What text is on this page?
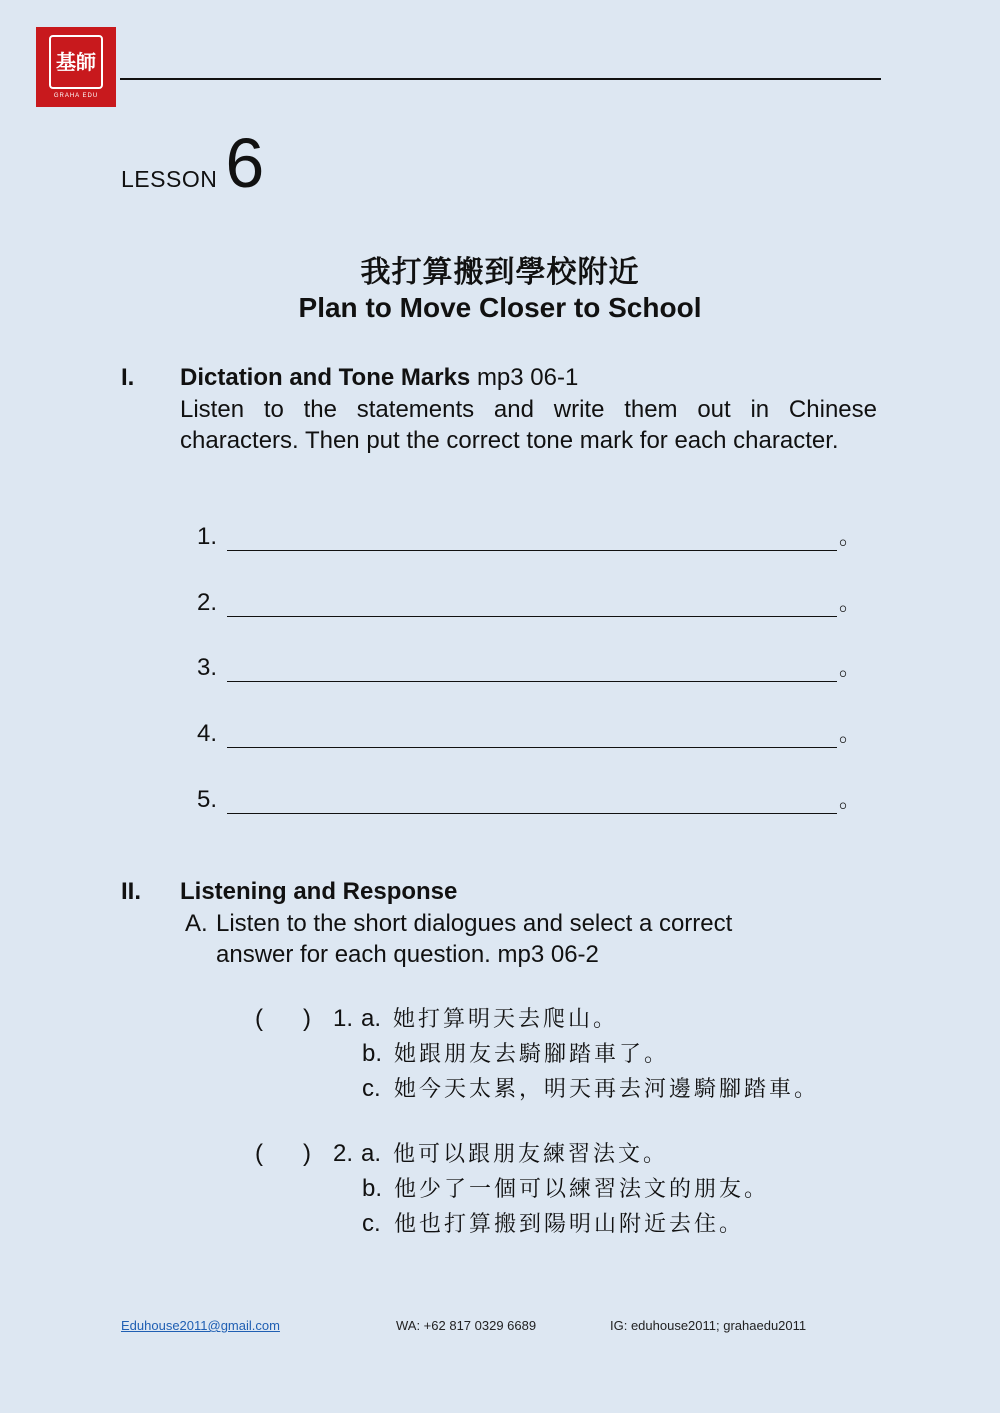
基師
GRAHA EDU
LESSON 6
我打算搬到學校附近
Plan to Move Closer to School
I. Dictation and Tone Marks mp3 06-1
Listen to the statements and write them out in Chinese characters. Then put the correct tone mark for each character.
1.	。
2.	。
3.	。
4.	。
5.	。
II. Listening and Response
A. Listen to the short dialogues and select a correct
answer for each question. mp3 06-2
(      ) 1. a. 她打算明天去爬山。
b. 她跟朋友去騎腳踏車了。
c. 她今天太累，明天再去河邊騎腳踏車。
(      ) 2. a. 他可以跟朋友練習法文。
b. 他少了一個可以練習法文的朋友。
c. 他也打算搬到陽明山附近去住。
Eduhouse2011@gmail.com	WA: +62 817 0329 6689	IG: eduhouse2011; grahaedu2011
